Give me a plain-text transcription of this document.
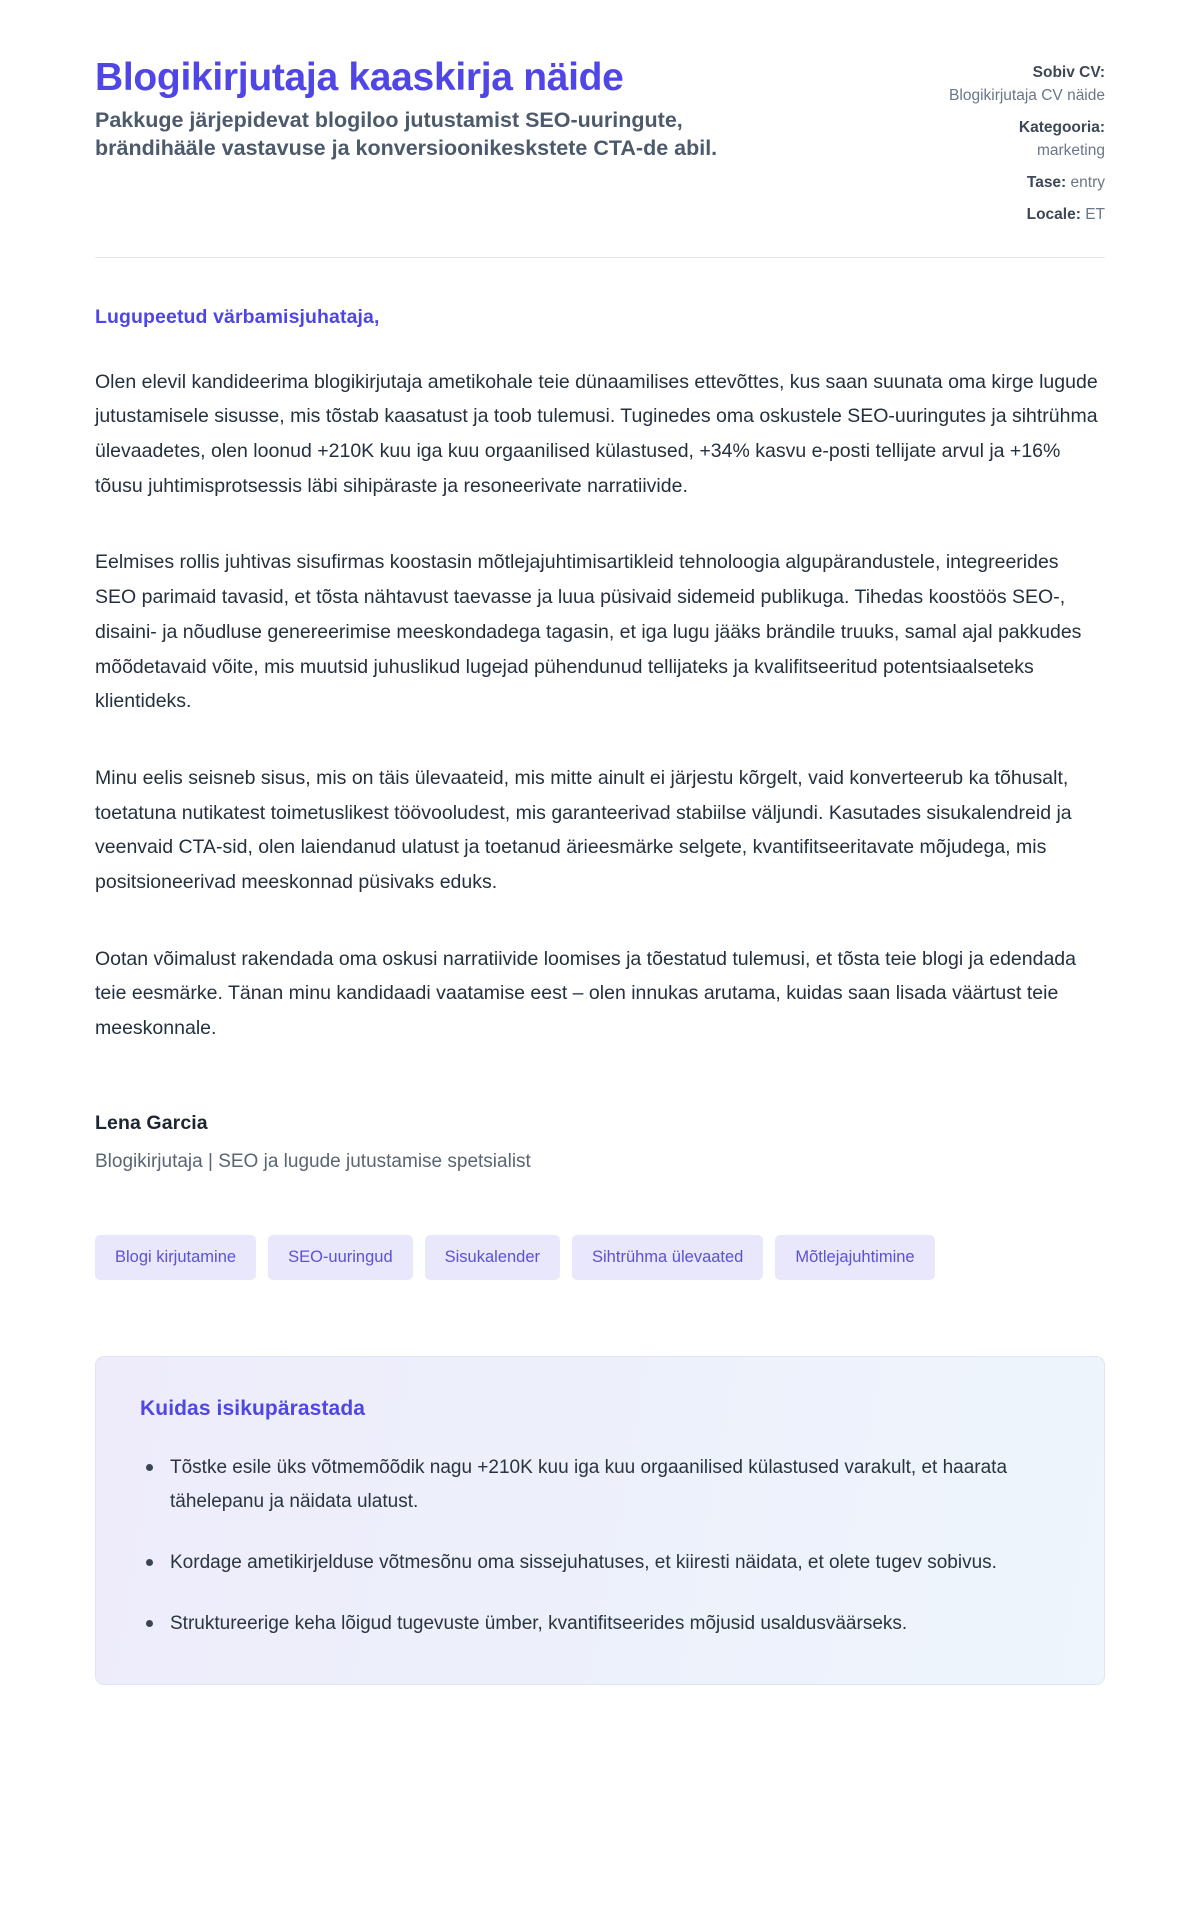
Blogikirjutaja kaaskirja näide

Pakkuge järjepidevat blogiloo jutustamist SEO-uuringute, brändihääle vastavuse ja konversioonikeskstete CTA-de abil.

Sobiv CV:
Blogikirjutaja CV näide
Kategooria:
marketing
Tase: entry
Locale: ET

Lugupeetud värbamisjuhataja,

Olen elevil kandideerima blogikirjutaja ametikohale teie dünaamilises ettevõttes, kus saan suunata oma kirge lugude jutustamisele sisusse, mis tõstab kaasatust ja toob tulemusi. Tuginedes oma oskustele SEO-uuringutes ja sihtrühma ülevaadetes, olen loonud +210K kuu iga kuu orgaanilised külastused, +34% kasvu e-posti tellijate arvul ja +16% tõusu juhtimisprotsessis läbi sihipäraste ja resoneerivate narratiivide.

Eelmises rollis juhtivas sisufirmas koostasin mõtlejajuhtimisartikleid tehnoloogia algupärandustele, integreerides SEO parimaid tavasid, et tõsta nähtavust taevasse ja luua püsivaid sidemeid publikuga. Tihedas koostöös SEO-, disaini- ja nõudluse genereerimise meeskondadega tagasin, et iga lugu jääks brändile truuks, samal ajal pakkudes mõõdetavaid võite, mis muutsid juhuslikud lugejad pühendunud tellijateks ja kvalifitseeritud potentsiaalseteks klientideks.

Minu eelis seisneb sisus, mis on täis ülevaateid, mis mitte ainult ei järjestu kõrgelt, vaid konverteerub ka tõhusalt, toetatuna nutikatest toimetuslikest töövooludest, mis garanteerivad stabiilse väljundi. Kasutades sisukalendreid ja veenvaid CTA-sid, olen laiendanud ulatust ja toetanud ärieesmärke selgete, kvantifitseeritavate mõjudega, mis positsioneerivad meeskonnad püsivaks eduks.

Ootan võimalust rakendada oma oskusi narratiivide loomises ja tõestatud tulemusi, et tõsta teie blogi ja edendada teie eesmärke. Tänan minu kandidaadi vaatamise eest – olen innukas arutama, kuidas saan lisada väärtust teie meeskonnale.

Lena Garcia

Blogikirjutaja | SEO ja lugude jutustamise spetsialist

Blogi kirjutamine	SEO-uuringud	Sisukalender	Sihtrühma ülevaated	Mõtlejajuhtimine
Kuidas isikupärastada
Tõstke esile üks võtmemõõdik nagu +210K kuu iga kuu orgaanilised külastused varakult, et haarata tähelepanu ja näidata ulatust.
Kordage ametikirjelduse võtmesõnu oma sissejuhatuses, et kiiresti näidata, et olete tugev sobivus.
Struktureerige keha lõigud tugevuste ümber, kvantifitseerides mõjusid usaldusväärseks.
